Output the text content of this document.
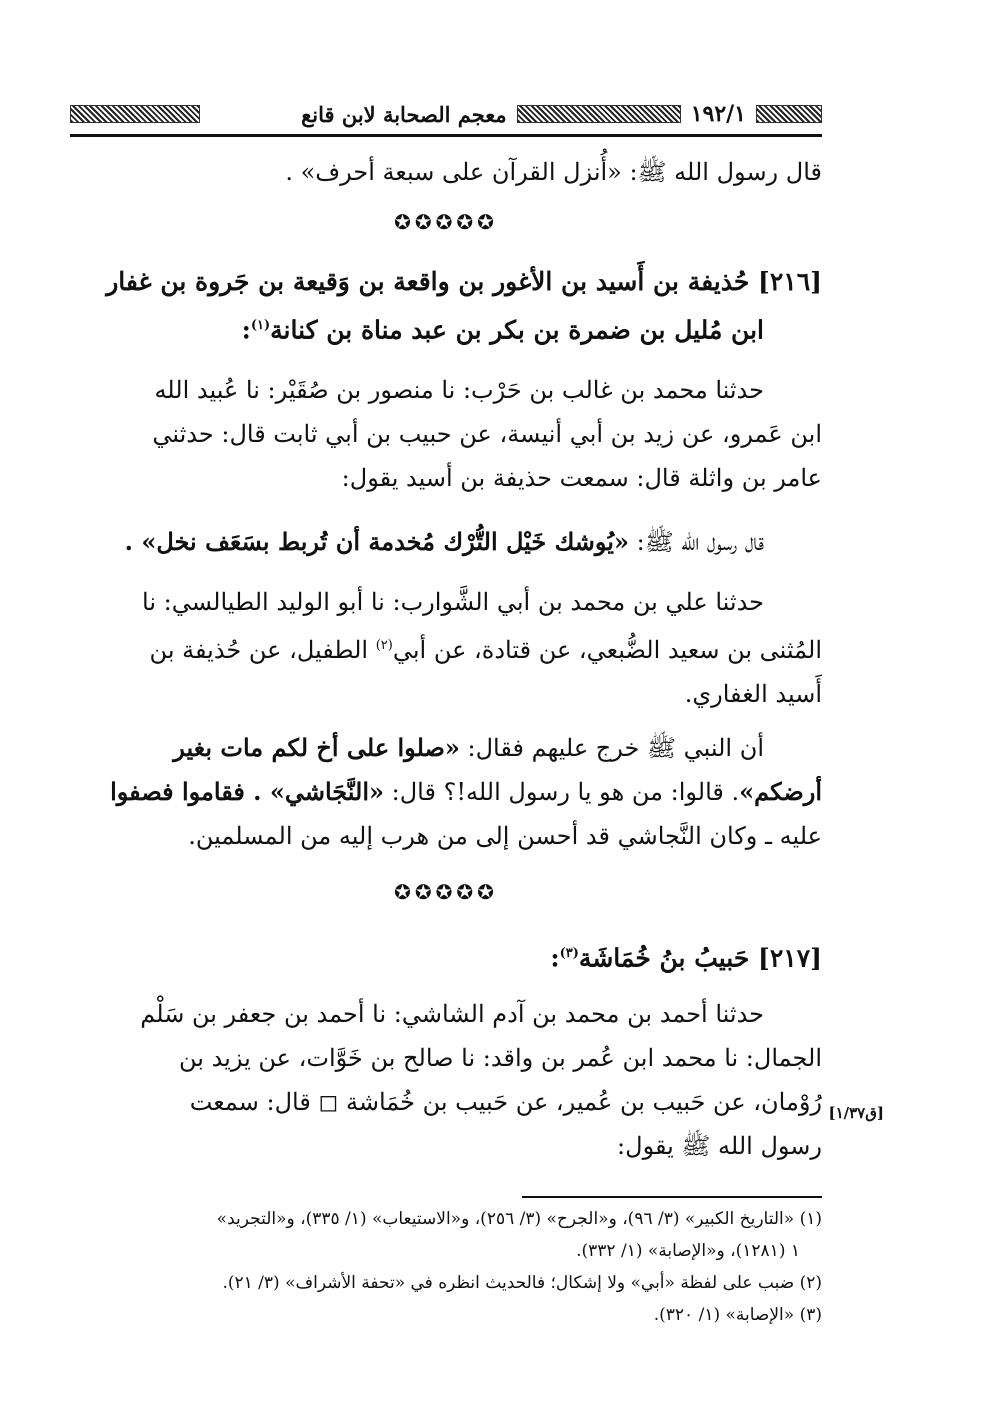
١٩٢/١
معجم الصحابة لابن قانع

قال رسول الله ﷺ: «أُنزل القرآن على سبعة أحرف» .

✪✪✪✪✪
[٢١٦] حُذيفة بن أَسيد بن الأغور بن واقعة بن وَقيعة بن جَروة بن غفار
ابن مُليل بن ضمرة بن بكر بن عبد مناة بن كنانة$^{(١)}$:

حدثنا محمد بن غالب بن حَرْب: نا منصور بن صُقَيْر: نا عُبيد الله

ابن عَمرو، عن زيد بن أبي أنيسة، عن حبيب بن أبي ثابت قال: حدثني

عامر بن واثلة قال: سمعت حذيفة بن أسيد يقول:

قال رسول الله ﷺ: «يُوشك خَيْل التُّرْك مُخدمة أن تُربط بسَعَف نخل» .

حدثنا علي بن محمد بن أبي الشَّوارب: نا أبو الوليد الطيالسي: نا

المُثنى بن سعيد الضُّبعي، عن قتادة، عن أبي$^{(٢)}$ الطفيل، عن حُذيفة بن

أَسيد الغفاري.

أن النبي ﷺ خرج عليهم فقال: «صلوا على أخ لكم مات بغير

أرضكم». قالوا: من هو يا رسول الله!؟ قال: «النَّجَاشي» . فقاموا فصفوا

عليه ـ وكان النَّجاشي قد أحسن إلى من هرب إليه من المسلمين.

✪✪✪✪✪
[٢١٧] حَبيبُ بنُ خُمَاشَة$^{(٣)}$:

حدثنا أحمد بن محمد بن آدم الشاشي: نا أحمد بن جعفر بن سَلْم

الجمال: نا محمد ابن عُمر بن واقد: نا صالح بن خَوَّات، عن يزيد بن

رُوْمان، عن حَبيب بن عُمير، عن حَبيب بن خُمَاشة ◻ قال: سمعت

رسول الله ﷺ يقول:

[ق١/٣٧]

(١) «التاريخ الكبير» (٣/ ٩٦)، و«الجرح» (٣/ ٢٥٦)، و«الاستيعاب» (١/ ٣٣٥)، و«التجريد»

١ (١٢٨١)، و«الإصابة» (١/ ٣٣٢).

(٢) ضبب على لفظة «أبي» ولا إشكال؛ فالحديث انظره في «تحفة الأشراف» (٣/ ٢١).

(٣) «الإصابة» (١/ ٣٢٠).
